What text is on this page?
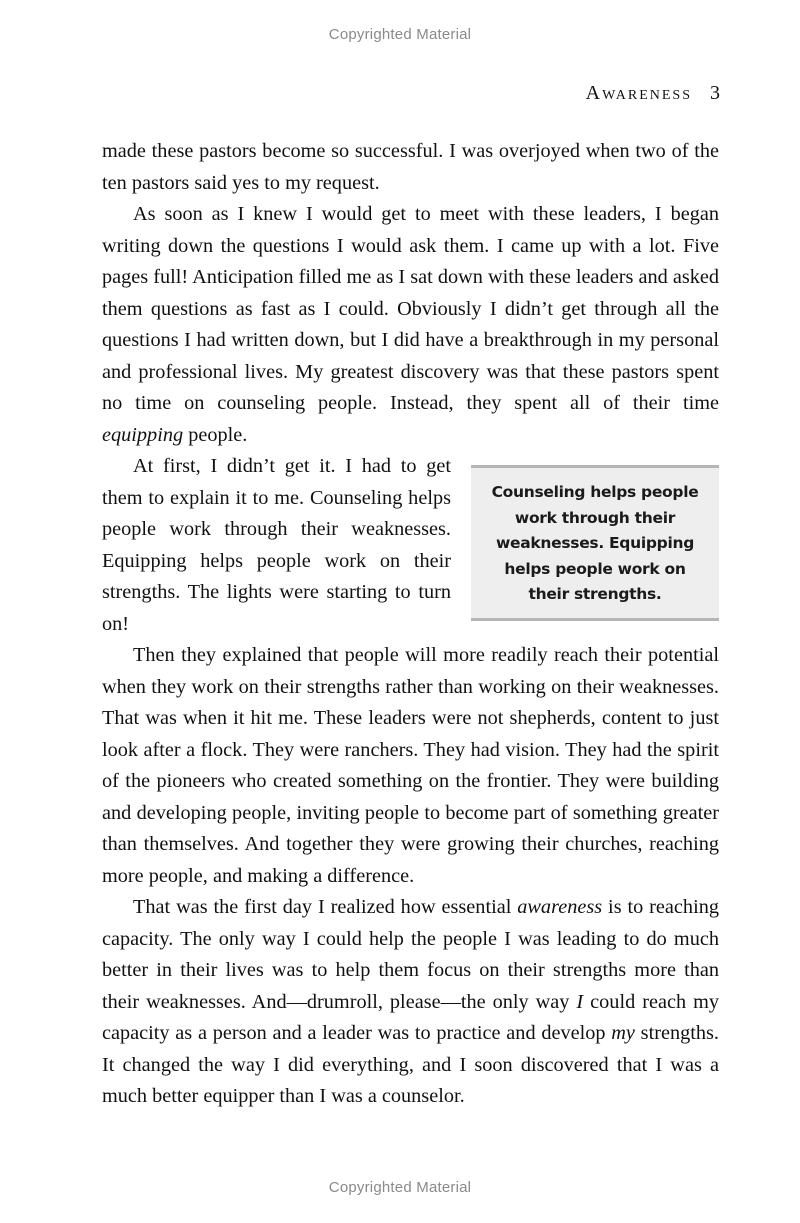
Copyrighted Material
Awareness 3

made these pastors become so successful. I was overjoyed when two of the ten pastors said yes to my request.

As soon as I knew I would get to meet with these leaders, I began writing down the questions I would ask them. I came up with a lot. Five pages full! Anticipation filled me as I sat down with these leaders and asked them questions as fast as I could. Obviously I didn’t get through all the questions I had written down, but I did have a breakthrough in my personal and professional lives. My greatest discovery was that these pastors spent no time on counseling people. Instead, they spent all of their time equipping people.

Counseling helps people work through their weaknesses. Equipping helps people work on their strengths.
At first, I didn’t get it. I had to get them to explain it to me. Counseling helps people work through their weaknesses. Equipping helps people work on their strengths. The lights were starting to turn on!

Then they explained that people will more readily reach their potential when they work on their strengths rather than working on their weaknesses. That was when it hit me. These leaders were not shepherds, content to just look after a flock. They were ranchers. They had vision. They had the spirit of the pioneers who created something on the frontier. They were building and developing people, inviting people to become part of something greater than themselves. And together they were growing their churches, reaching more people, and making a difference.

That was the first day I realized how essential awareness is to reaching capacity. The only way I could help the people I was leading to do much better in their lives was to help them focus on their strengths more than their weaknesses. And—drumroll, please—the only way I could reach my capacity as a person and a leader was to practice and develop my strengths. It changed the way I did everything, and I soon discovered that I was a much better equipper than I was a counselor.

Copyrighted Material
